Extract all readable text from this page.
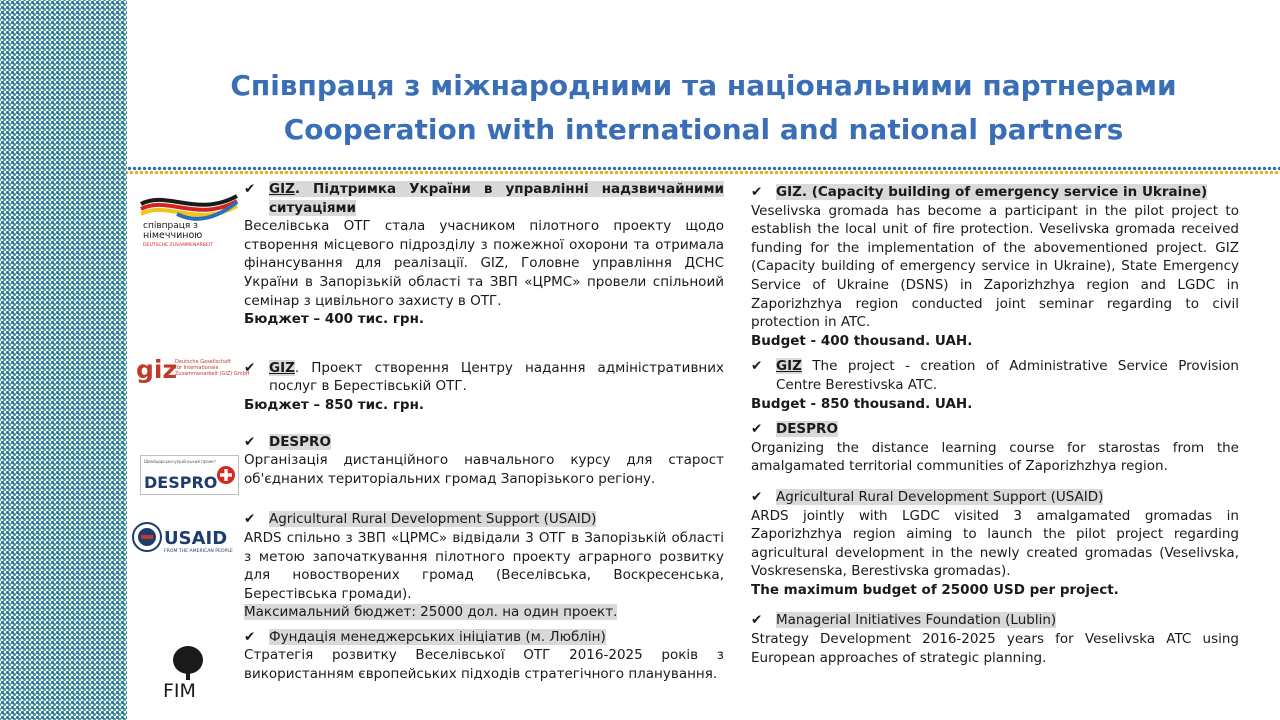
Співпраця з міжнародними та національними партнерами
Cooperation with international and national partners
співпраця з
німеччиною
DEUTSCHE ZUSAMMENARBEIT
giz
Deutsche Gesellschaft
für Internationale
Zusammenarbeit (GIZ) GmbH
Швейцарсько-український проект
DESPRO
USAID
FROM THE AMERICAN PEOPLE
FIM
✔	GIZ. Підтримка України в управлінні надзвичайними ситуаціями

Веселівська ОТГ стала учасником пілотного проекту щодо створення місцевого підрозділу з пожежної охорони та отримала фінансування для реалізації. GIZ, Головне управління ДСНС України в Запорізькій області та ЗВП «ЦРМС» провели спільноий семінар з цивільного захисту в ОТГ.

Бюджет – 400 тис. грн.

✔	GIZ. Проект створення Центру надання адміністративних послуг в Берестівській ОТГ.

Бюджет – 850 тис. грн.

✔	DESPRO

Організація дистанційного навчального курсу для старост об'єднаних територіальних громад Запорізького регіону.

✔	Agricultural Rural Development Support (USAID)

ARDS спільно з ЗВП «ЦРМС» відвідали 3 ОТГ в Запорізькій області з метою започаткування пілотного проекту аграрного розвитку для новостворених громад (Веселівська, Воскресенська, Берестівська громади).

Максимальний бюджет: 25000 дол. на один проект.

✔	Фундація менеджерських ініціатив (м. Люблін)

Стратегія розвитку Веселівської ОТГ 2016-2025 років з використанням європейських підходів стратегічного планування.

✔	GIZ. (Capacity building of emergency service in Ukraine)

Veselivska gromada has become a participant in the pilot project to establish the local unit of fire protection. Veselivska gromada received funding for the implementation of the abovementioned project. GIZ (Capacity building of emergency service in Ukraine), State Emergency Service of Ukraine (DSNS) in Zaporizhzhya region and LGDC in Zaporizhzhya region conducted joint seminar regarding to civil protection in ATC.

Budget - 400 thousand. UAH.

✔	GIZ The project - creation of Administrative Service Provision Centre Berestivska ATC.

Budget - 850 thousand. UAH.

✔	DESPRO

Organizing the distance learning course for starostas from the amalgamated territorial communities of Zaporizhzhya region.

✔	Agricultural Rural Development Support (USAID)

ARDS jointly with LGDC visited 3 amalgamated gromadas in Zaporizhzhya region aiming to launch the pilot project regarding agricultural development in the newly created gromadas (Veselivska, Voskresenska, Berestivska gromadas).

The maximum budget of 25000 USD per project.

✔	Managerial Initiatives Foundation (Lublin)

Strategy Development 2016-2025 years for Veselivska ATC using European approaches of strategic planning.
